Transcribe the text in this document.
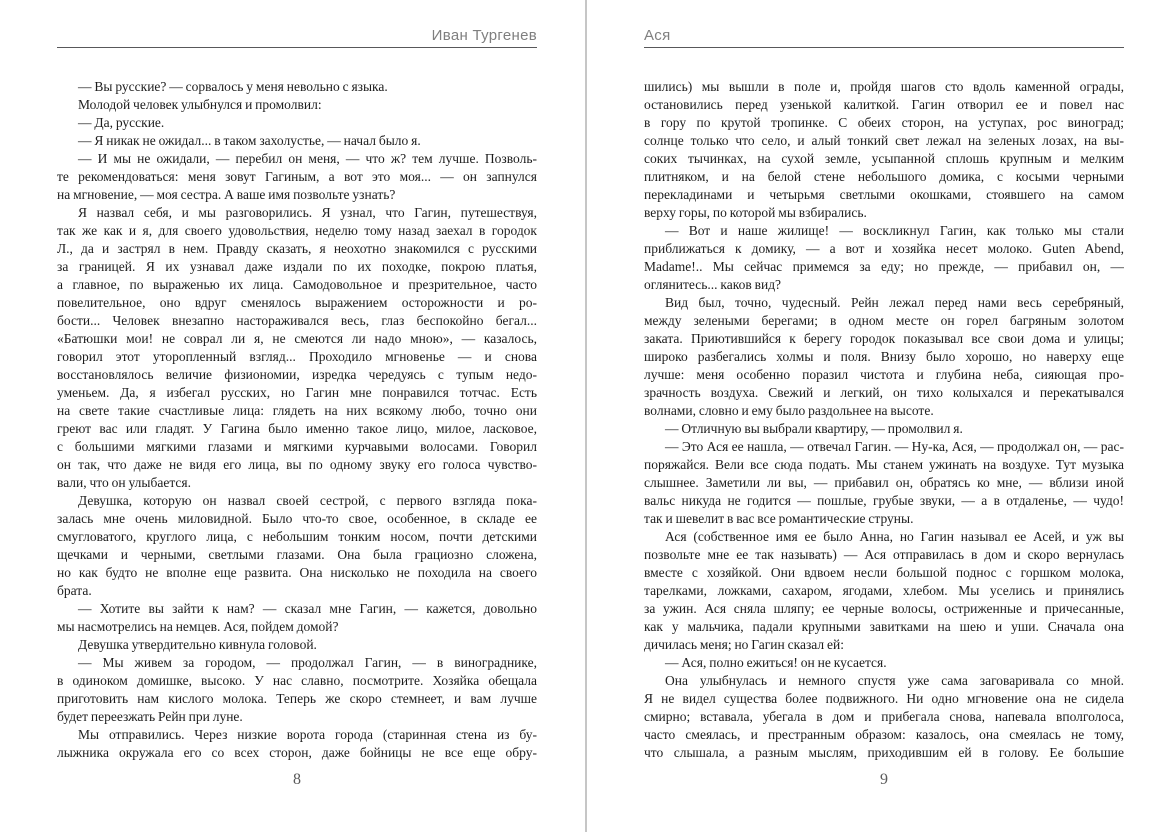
Иван Тургенев
— Вы русские? — сорвалось у меня невольно с языка.
Молодой человек улыбнулся и промолвил:
— Да, русские.
— Я никак не ожидал... в таком захолустье, — начал было я.
— И мы не ожидали, — перебил он меня, — что ж? тем лучше. Позволь-
те рекомендоваться: меня зовут Гагиным, а вот это моя... — он запнулся
на мгновение, — моя сестра. А ваше имя позвольте узнать?
Я назвал себя, и мы разговорились. Я узнал, что Гагин, путешествуя,
так же как и я, для своего удовольствия, неделю тому назад заехал в городок
Л., да и застрял в нем. Правду сказать, я неохотно знакомился с русскими
за границей. Я их узнавал даже издали по их походке, покрою платья,
а главное, по выраженью их лица. Самодовольное и презрительное, часто
повелительное, оно вдруг сменялось выражением осторожности и ро-
бости... Человек внезапно настораживался весь, глаз беспокойно бегал...
«Батюшки мои! не соврал ли я, не смеются ли надо мною», — казалось,
говорил этот уторопленный взгляд... Проходило мгновенье — и снова
восстановлялось величие физиономии, изредка чередуясь с тупым недо-
уменьем. Да, я избегал русских, но Гагин мне понравился тотчас. Есть
на свете такие счастливые лица: глядеть на них всякому любо, точно они
греют вас или гладят. У Гагина было именно такое лицо, милое, ласковое,
с большими мягкими глазами и мягкими курчавыми волосами. Говорил
он так, что даже не видя его лица, вы по одному звуку его голоса чувство-
вали, что он улыбается.
Девушка, которую он назвал своей сестрой, с первого взгляда пока-
залась мне очень миловидной. Было что-то свое, особенное, в складе ее
смугловатого, круглого лица, с небольшим тонким носом, почти детскими
щечками и черными, светлыми глазами. Она была грациозно сложена,
но как будто не вполне еще развита. Она нисколько не походила на своего
брата.
— Хотите вы зайти к нам? — сказал мне Гагин, — кажется, довольно
мы насмотрелись на немцев. Ася, пойдем домой?
Девушка утвердительно кивнула головой.
— Мы живем за городом, — продолжал Гагин, — в винограднике,
в одиноком домишке, высоко. У нас славно, посмотрите. Хозяйка обещала
приготовить нам кислого молока. Теперь же скоро стемнеет, и вам лучше
будет переезжать Рейн при луне.
Мы отправились. Через низкие ворота города (старинная стена из бу-
лыжника окружала его со всех сторон, даже бойницы не все еще обру-
8
Ася
шились) мы вышли в поле и, пройдя шагов сто вдоль каменной ограды,
остановились перед узенькой калиткой. Гагин отворил ее и повел нас
в гору по крутой тропинке. С обеих сторон, на уступах, рос виноград;
солнце только что село, и алый тонкий свет лежал на зеленых лозах, на вы-
соких тычинках, на сухой земле, усыпанной сплошь крупным и мелким
плитняком, и на белой стене небольшого домика, с косыми черными
перекладинами и четырьмя светлыми окошками, стоявшего на самом
верху горы, по которой мы взбирались.
— Вот и наше жилище! — воскликнул Гагин, как только мы стали
приближаться к домику, — а вот и хозяйка несет молоко. Guten Abend,
Madame!.. Мы сейчас примемся за еду; но прежде, — прибавил он, —
оглянитесь... каков вид?
Вид был, точно, чудесный. Рейн лежал перед нами весь серебряный,
между зелеными берегами; в одном месте он горел багряным золотом
заката. Приютившийся к берегу городок показывал все свои дома и улицы;
широко разбегались холмы и поля. Внизу было хорошо, но наверху еще
лучше: меня особенно поразил чистота и глубина неба, сияющая про-
зрачность воздуха. Свежий и легкий, он тихо колыхался и перекатывался
волнами, словно и ему было раздольнее на высоте.
— Отличную вы выбрали квартиру, — промолвил я.
— Это Ася ее нашла, — отвечал Гагин. — Ну-ка, Ася, — продолжал он, — рас-
поряжайся. Вели все сюда подать. Мы станем ужинать на воздухе. Тут музыка
слышнее. Заметили ли вы, — прибавил он, обратясь ко мне, — вблизи иной
вальс никуда не годится — пошлые, грубые звуки, — а в отдаленье, — чудо!
так и шевелит в вас все романтические струны.
Ася (собственное имя ее было Анна, но Гагин называл ее Асей, и уж вы
позвольте мне ее так называть) — Ася отправилась в дом и скоро вернулась
вместе с хозяйкой. Они вдвоем несли большой поднос с горшком молока,
тарелками, ложками, сахаром, ягодами, хлебом. Мы уселись и принялись
за ужин. Ася сняла шляпу; ее черные волосы, остриженные и причесанные,
как у мальчика, падали крупными завитками на шею и уши. Сначала она
дичилась меня; но Гагин сказал ей:
— Ася, полно ежиться! он не кусается.
Она улыбнулась и немного спустя уже сама заговаривала со мной.
Я не видел существа более подвижного. Ни одно мгновение она не сидела
смирно; вставала, убегала в дом и прибегала снова, напевала вполголоса,
часто смеялась, и престранным образом: казалось, она смеялась не тому,
что слышала, а разным мыслям, приходившим ей в голову. Ее большие
9
